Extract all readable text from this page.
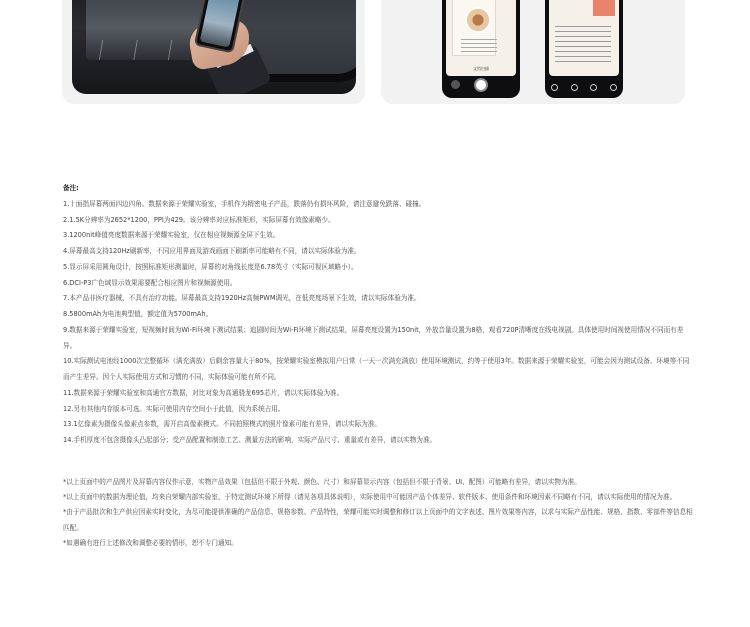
文档扫描
备注:
1.十面指屏幕两面四边四角。数据来源于荣耀实验室，手机作为精密电子产品，跌落仍有损坏风险，请注意避免跌落、碰撞。
2.1.5K分辨率为2652*1200，PPI为429。该分辨率对应标准矩形，实际屏幕有效像素略少。
3.1200nit峰值亮度数据来源于荣耀实验室，仅在相应视频源全屏下生效。
4.屏幕最高支持120Hz刷新率，不同应用界面及游戏画面下刷新率可能略有不同，请以实际体验为准。
5.显示屏采用圆角设计，按照标准矩形测量时，屏幕的对角线长度是6.78英寸（实际可视区域略小）。
6.DCI-P3广色域显示效果需要配合相应图片和视频源使用。
7.本产品非医疗器械，不具有治疗功能。屏幕最高支持1920Hz高频PWM调光，在低亮度场景下生效，请以实际体验为准。
8.5800mAh为电池典型值，额定值为5700mAh。
9.数据来源于荣耀实验室，短视频时间为Wi-Fi环境下测试结果；追剧时间为Wi-Fi环境下测试结果，屏幕亮度设置为150nit，外放音量设置为8格，观看720P清晰度在线电视剧。具体使用时间视使用情况不同而有差异。
10.实际测试电池经1000次完整循环（满充满放）后剩余容量大于80%，按荣耀实验室模拟用户日常（一天一次满充满放）使用环境测试，约等于使用3年。数据来源于荣耀实验室，可能会因为测试设备、环境等不同而产生差异。因个人实际使用方式和习惯的不同，实际体验可能有所不同。
11.数据来源于荣耀实验室和高通官方数据，对比对象为高通骁龙695芯片，请以实际体验为准。
12.另有其他内存版本可选。实际可使用内存空间小于此值，因为系统占用。
13.1亿像素为摄像头像素点参数，需开启高像素模式。不同拍照模式的照片像素可能有差异，请以实际为准。
14.手机厚度不包含摄像头凸起部分；受产品配置和制造工艺、测量方法的影响，实际产品尺寸、重量或有差异，请以实物为准。
*以上页面中的产品图片及屏幕内容仅作示意，实物产品效果（包括但不限于外观、颜色、尺寸）和屏幕显示内容（包括但不限于背景、UI、配图）可能略有差异，请以实物为准。
*以上页面中的数据为理论值，均来自荣耀内部实验室，于特定测试环境下所得（请见各项具体说明），实际使用中可能因产品个体差异、软件版本、使用条件和环境因素不同略有不同，请以实际使用的情况为准。
*由于产品批次和生产供应因素实时变化，为尽可能提供准确的产品信息、规格参数、产品特性，荣耀可能实时调整和修订以上页面中的文字表述、图片效果等内容，以求与实际产品性能、规格、指数、零部件等信息相匹配。
*如遇确有进行上述修改和调整必要的情形，恕不专门通知。
